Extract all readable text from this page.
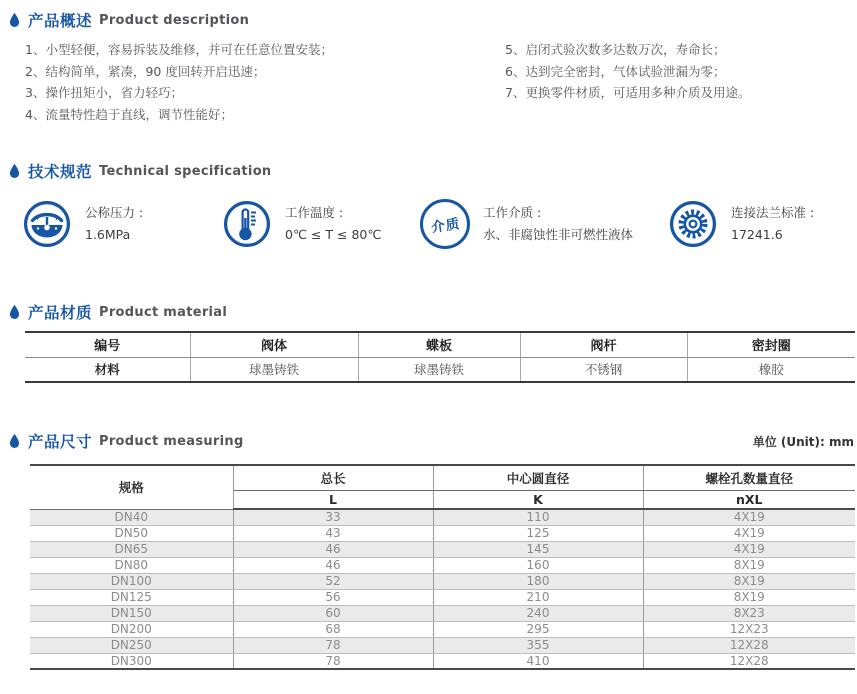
产品概述 Product description
1、小型轻便，容易拆装及维修，并可在任意位置安装；
2、结构简单，紧凑，90 度回转开启迅速；
3、操作扭矩小，省力轻巧；
4、流量特性趋于直线，调节性能好；
5、启闭式验次数多达数万次，寿命长；
6、达到完全密封，气体试验泄漏为零；
7、更换零件材质，可适用多种介质及用途。
技术规范 Technical specification
公称压力 :
1.6MPa
工作温度 :
0℃ ≤ T ≤ 80℃	介质
工作介质 :
水、非腐蚀性非可燃性液体
连接法兰标准 :
17241.6
产品材质 Product material
编号	阀体	蝶板	阀杆	密封圈
材料	球墨铸铁	球墨铸铁	不锈钢	橡胶
产品尺寸 Product measuring	单位 (Unit): mm
规格	总长	中心圆直径	螺栓孔数量直径
	L	K	nXL
DN40	33	110	4X19
DN50	43	125	4X19
DN65	46	145	4X19
DN80	46	160	8X19
DN100	52	180	8X19
DN125	56	210	8X19
DN150	60	240	8X23
DN200	68	295	12X23
DN250	78	355	12X28
DN300	78	410	12X28
